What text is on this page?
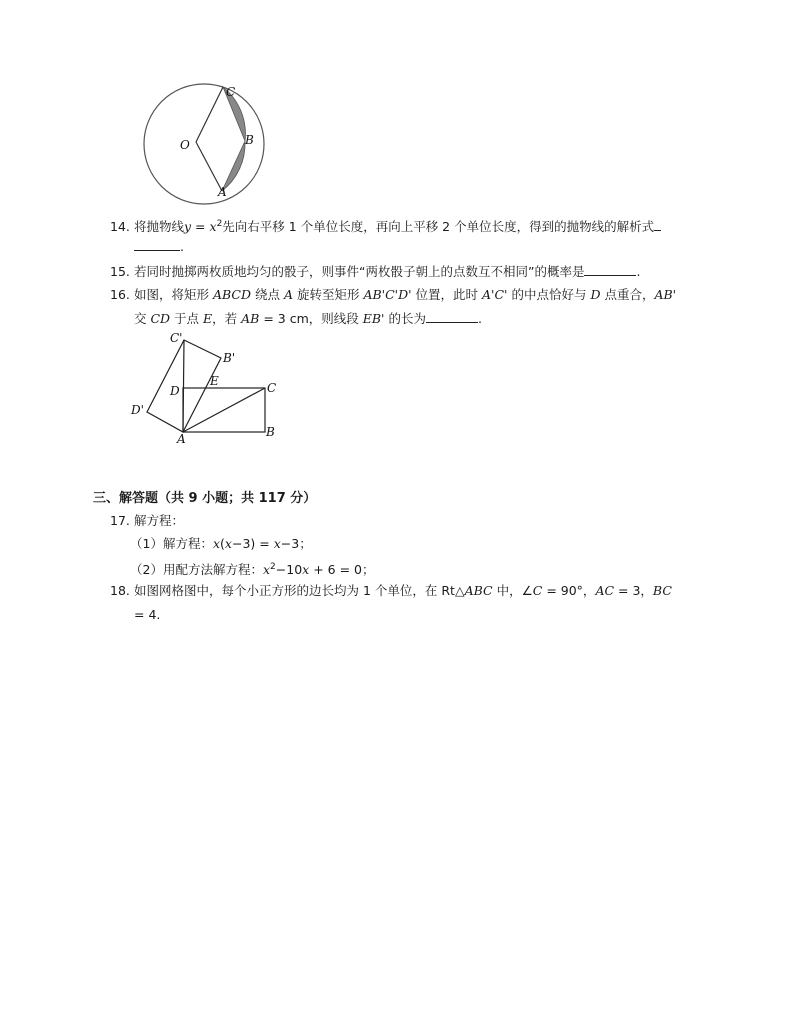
C
O	B
A
14. 将抛物线$y = x^2$先向右平移 1 个单位长度，再向上平移 2 个单位长度，得到的抛物线的解析式
.
15. 若同时抛掷两枚质地均匀的骰子，则事件“两枚骰子朝上的点数互不相同”的概率是	.
16. 如图，将矩形 ABCD 绕点 A 旋转至矩形 AB'C'D' 位置，此时 A'C' 的中点恰好与 D 点重合，AB'
交 CD 于点 E，若 AB = 3 cm，则线段 EB' 的长为	.
C'
B'
D
E	C
D'
A	B
三、解答题（共 9 小题；共 117 分）
17. 解方程：
（1）解方程：x(x−3) = x−3；
（2）用配方法解方程：$x^2-10x + 6 = 0$；
18. 如图网格图中，每个小正方形的边长均为 1 个单位，在 Rt△ABC 中，∠C = 90°，AC = 3，BC
= 4.
